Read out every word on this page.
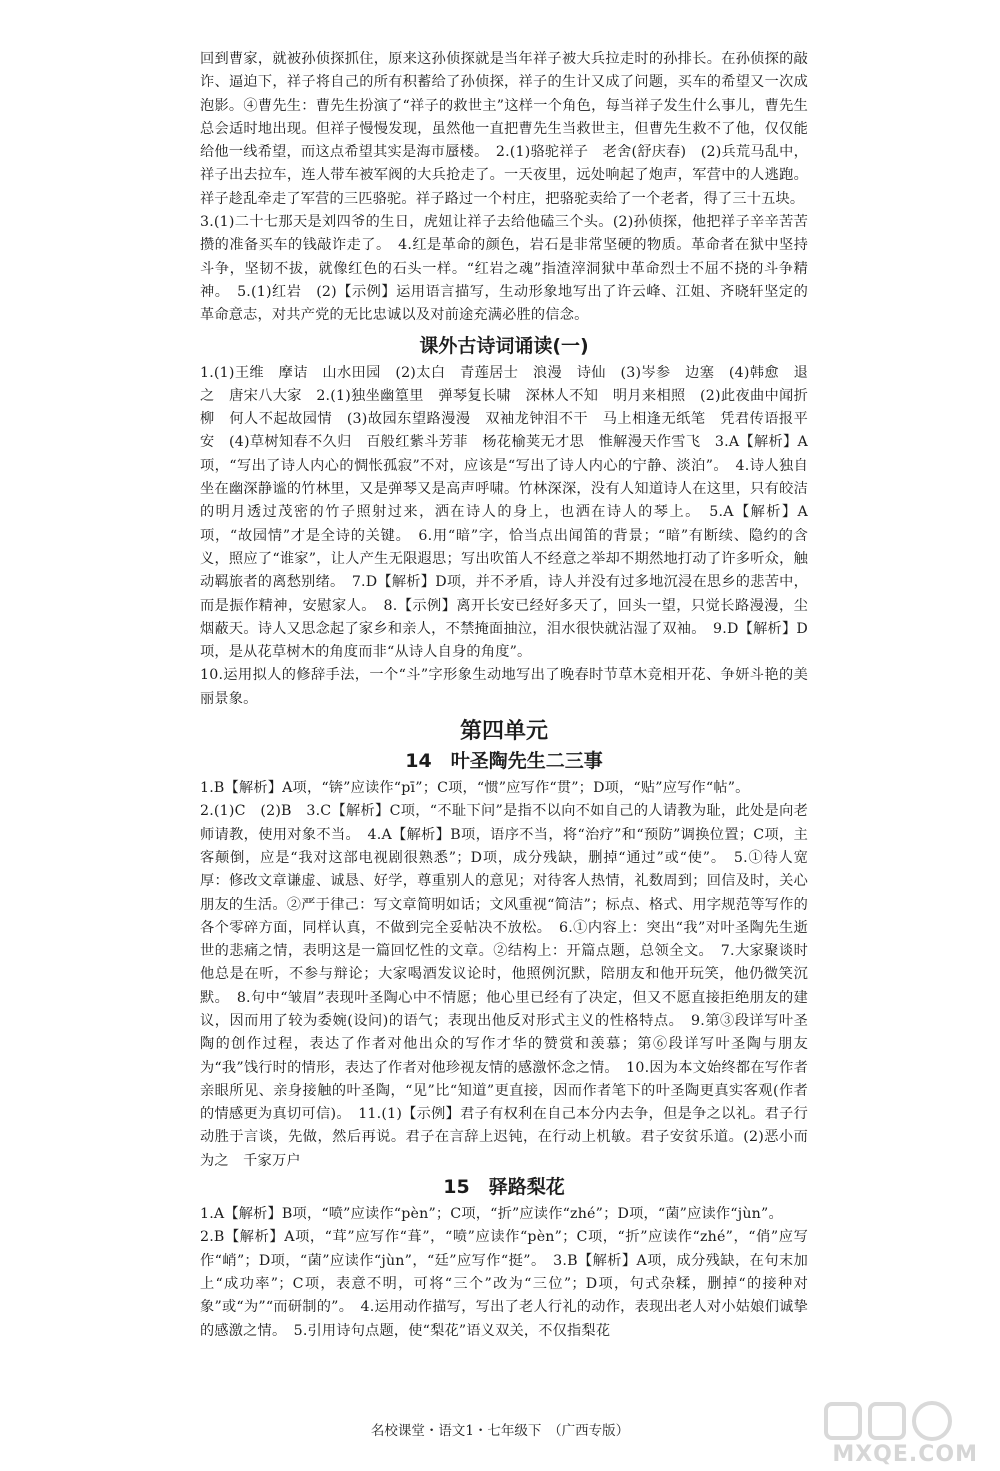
回到曹家，就被孙侦探抓住，原来这孙侦探就是当年祥子被大兵拉走时的孙排长。在孙侦探的敲诈、逼迫下，祥子将自己的所有积蓄给了孙侦探，祥子的生计又成了问题，买车的希望又一次成泡影。④曹先生：曹先生扮演了“祥子的救世主”这样一个角色，每当祥子发生什么事儿，曹先生总会适时地出现。但祥子慢慢发现，虽然他一直把曹先生当救世主，但曹先生救不了他，仅仅能给他一线希望，而这点希望其实是海市蜃楼。　2.(1)骆驼祥子　老舍(舒庆春)　(2)兵荒马乱中，祥子出去拉车，连人带车被军阀的大兵抢走了。一天夜里，远处响起了炮声，军营中的人逃跑。祥子趁乱牵走了军营的三匹骆驼。祥子路过一个村庄，把骆驼卖给了一个老者，得了三十五块。

3.(1)二十七那天是刘四爷的生日，虎妞让祥子去给他磕三个头。(2)孙侦探，他把祥子辛辛苦苦攒的准备买车的钱敲诈走了。　4.红是革命的颜色，岩石是非常坚硬的物质。革命者在狱中坚持斗争，坚韧不拔，就像红色的石头一样。“红岩之魂”指渣滓洞狱中革命烈士不屈不挠的斗争精神。　5.(1)红岩　(2)【示例】运用语言描写，生动形象地写出了许云峰、江姐、齐晓轩坚定的革命意志，对共产党的无比忠诚以及对前途充满必胜的信念。

课外古诗词诵读(一)

1.(1)王维　摩诘　山水田园　(2)太白　青莲居士　浪漫　诗仙　(3)岑参　边塞　(4)韩愈　退之　唐宋八大家　2.(1)独坐幽篁里　弹琴复长啸　深林人不知　明月来相照　(2)此夜曲中闻折柳　何人不起故园情　(3)故园东望路漫漫　双袖龙钟泪不干　马上相逢无纸笔　凭君传语报平安　(4)草树知春不久归　百般红紫斗芳菲　杨花榆荚无才思　惟解漫天作雪飞　3.A【解析】A项，“写出了诗人内心的惆怅孤寂”不对，应该是“写出了诗人内心的宁静、淡泊”。　4.诗人独自坐在幽深静谧的竹林里，又是弹琴又是高声呼啸。竹林深深，没有人知道诗人在这里，只有皎洁的明月透过茂密的竹子照射过来，洒在诗人的身上，也洒在诗人的琴上。　5.A【解析】A项，“故园情”才是全诗的关键。　6.用“暗”字，恰当点出闻笛的背景；“暗”有断续、隐约的含义，照应了“谁家”，让人产生无限遐思；写出吹笛人不经意之举却不期然地打动了许多听众，触动羁旅者的离愁别绪。　7.D【解析】D项，并不矛盾，诗人并没有过多地沉浸在思乡的悲苦中，而是振作精神，安慰家人。　8.【示例】离开长安已经好多天了，回头一望，只觉长路漫漫，尘烟蔽天。诗人又思念起了家乡和亲人，不禁掩面抽泣，泪水很快就沾湿了双袖。　9.D【解析】D项，是从花草树木的角度而非“从诗人自身的角度”。

10.运用拟人的修辞手法，一个“斗”字形象生动地写出了晚春时节草木竞相开花、争妍斗艳的美丽景象。

第四单元
14　叶圣陶先生二三事

1.B【解析】A项，“锛”应读作“pī”；C项，“惯”应写作“贯”；D项，“贴”应写作“帖”。

2.(1)C　(2)B　3.C【解析】C项，“不耻下问”是指不以向不如自己的人请教为耻，此处是向老师请教，使用对象不当。　4.A【解析】B项，语序不当，将“治疗”和“预防”调换位置；C项，主客颠倒，应是“我对这部电视剧很熟悉”；D项，成分残缺，删掉“通过”或“使”。　5.①待人宽厚：修改文章谦虚、诚恳、好学，尊重别人的意见；对待客人热情，礼数周到；回信及时，关心朋友的生活。②严于律己：写文章简明如话；文风重视“简洁”；标点、格式、用字规范等写作的各个零碎方面，同样认真，不做到完全妥帖决不放松。　6.①内容上：突出“我”对叶圣陶先生逝世的悲痛之情，表明这是一篇回忆性的文章。②结构上：开篇点题，总领全文。　7.大家聚谈时他总是在听，不参与辩论；大家喝酒发议论时，他照例沉默，陪朋友和他开玩笑，他仍微笑沉默。　8.句中“皱眉”表现叶圣陶心中不情愿；他心里已经有了决定，但又不愿直接拒绝朋友的建议，因而用了较为委婉(设问)的语气；表现出他反对形式主义的性格特点。　9.第③段详写叶圣陶的创作过程，表达了作者对他出众的写作才华的赞赏和羡慕；第⑥段详写叶圣陶与朋友为“我”饯行时的情形，表达了作者对他珍视友情的感激怀念之情。　10.因为本文始终都在写作者亲眼所见、亲身接触的叶圣陶，“见”比“知道”更直接，因而作者笔下的叶圣陶更真实客观(作者的情感更为真切可信)。　11.(1)【示例】君子有权利在自己本分内去争，但是争之以礼。君子行动胜于言谈，先做，然后再说。君子在言辞上迟钝，在行动上机敏。君子安贫乐道。(2)恶小而为之　千家万户

15　驿路梨花

1.A【解析】B项，“喷”应读作“pèn”；C项，“折”应读作“zhé”；D项，“菌”应读作“jùn”。

2.B【解析】A项，“茸”应写作“葺”，“喷”应读作“pèn”；C项，“折”应读作“zhé”，“俏”应写作“峭”；D项，“菌”应读作“jùn”，“廷”应写作“挺”。　3.B【解析】A项，成分残缺，在句末加上“成功率”；C项，表意不明，可将“三个”改为“三位”；D项，句式杂糅，删掉“的接种对象”或“为”“而研制的”。　4.运用动作描写，写出了老人行礼的动作，表现出老人对小姑娘们诚挚的感激之情。　5.引用诗句点题，使“梨花”语义双关，不仅指梨花

名校课堂・语文1・七年级下　（广西专版）
MXQE.COM
